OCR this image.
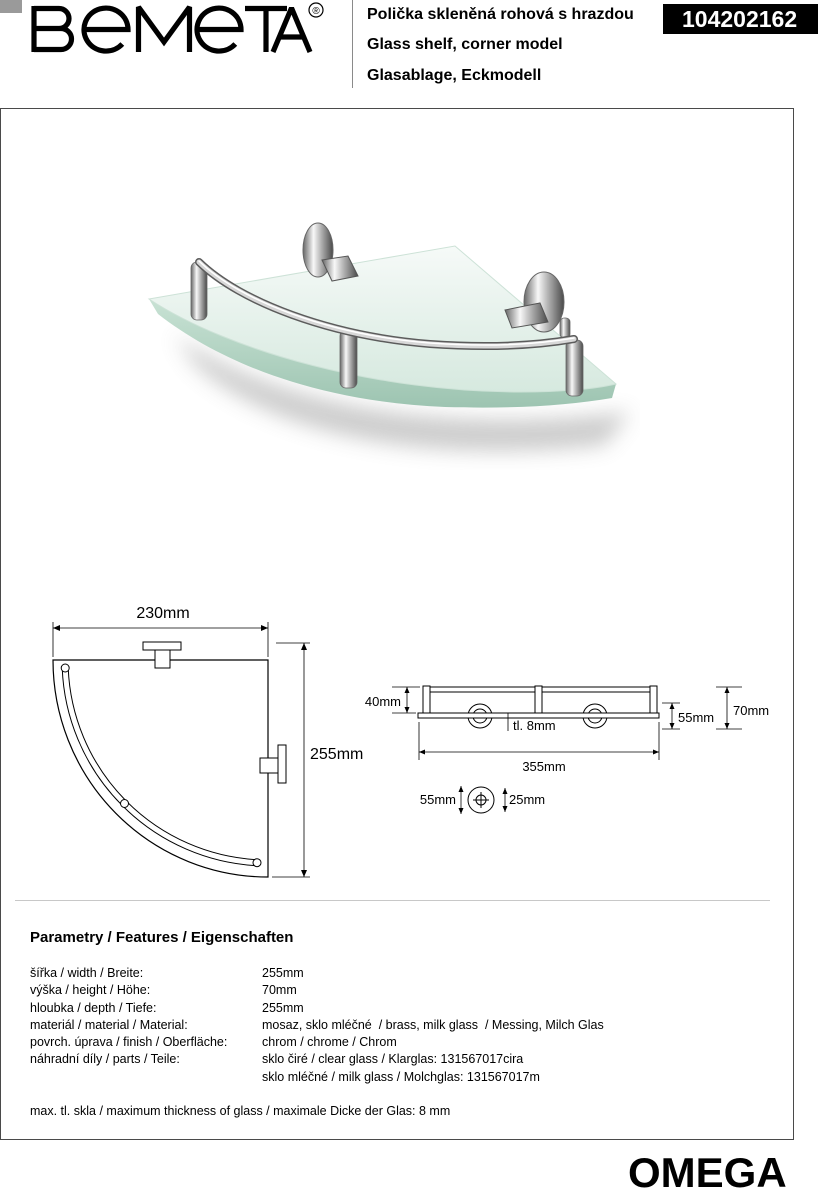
®	Polička skleněná rohová s hrazdou
Glass shelf, corner model
Glasablage, Eckmodell
104202162
230mm
255mm
40mm
tl. 8mm
355mm
55mm 70mm
55mm	25mm
Parametry / Features / Eigenschaften
šířka / width / Breite:	255mm
výška / height / Höhe:	70mm
hloubka / depth / Tiefe:	255mm
materiál / material / Material:	mosaz, sklo mléčné  / brass, milk glass  / Messing, Milch Glas
povrch. úprava / finish / Oberfläche:	chrom / chrome / Chrom
náhradní díly / parts / Teile:	sklo čiré / clear glass / Klarglas: 131567017cira
sklo mléčné / milk glass / Molchglas: 131567017m
max. tl. skla / maximum thickness of glass / maximale Dicke der Glas: 8 mm
OMEGA
